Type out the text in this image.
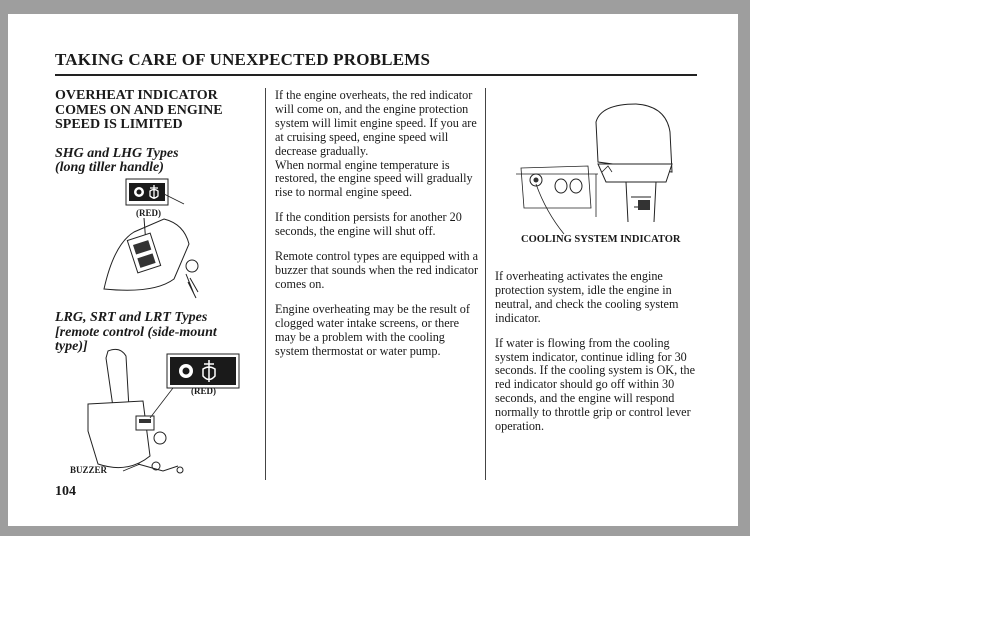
TAKING CARE OF UNEXPECTED PROBLEMS
OVERHEAT INDICATOR
COMES ON AND ENGINE
SPEED IS LIMITED
SHG and LHG Types
(long tiller handle)
(RED)
LRG, SRT and LRT Types
[remote control (side-mount
type)]
(RED)
BUZZER

If the engine overheats, the red indicator will come on, and the engine protection system will limit engine speed. If you are at cruising speed, engine speed will decrease gradually.

When normal engine temperature is restored, the engine speed will gradually rise to normal engine speed.

If the condition persists for another 20 seconds, the engine will shut off.

Remote control types are equipped with a buzzer that sounds when the red indicator comes on.

Engine overheating may be the result of clogged water intake screens, or there may be a problem with the cooling system thermostat or water pump.

COOLING SYSTEM INDICATOR

If overheating activates the engine protection system, idle the engine in neutral, and check the cooling system indicator.

If water is flowing from the cooling system indicator, continue idling for 30 seconds. If the cooling system is OK, the red indicator should go off within 30 seconds, and the engine will respond normally to throttle grip or control lever operation.

104
